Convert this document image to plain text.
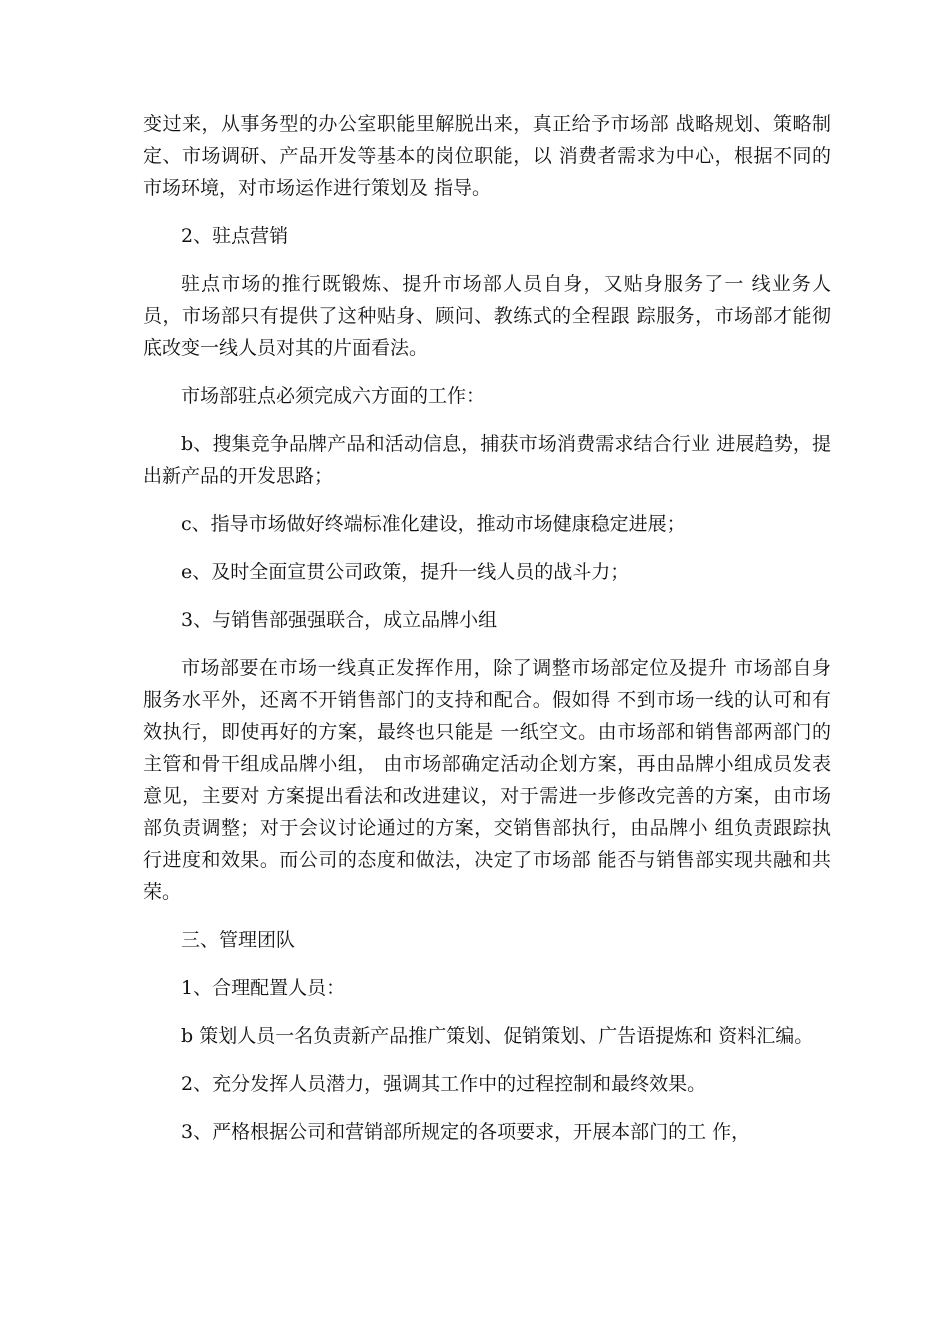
变过来，从事务型的办公室职能里解脱出来，真正给予市场部 战略规划、策略制定、市场调研、产品开发等基本的岗位职能，以 消费者需求为中心，根据不同的市场环境，对市场运作进行策划及 指导。

2、驻点营销

驻点市场的推行既锻炼、提升市场部人员自身，又贴身服务了一 线业务人员，市场部只有提供了这种贴身、顾问、教练式的全程跟 踪服务，市场部才能彻底改变一线人员对其的片面看法。

市场部驻点必须完成六方面的工作：

b、搜集竞争品牌产品和活动信息，捕获市场消费需求结合行业 进展趋势，提出新产品的开发思路；

c、指导市场做好终端标准化建设，推动市场健康稳定进展；

e、及时全面宣贯公司政策，提升一线人员的战斗力；

3、与销售部强强联合，成立品牌小组

市场部要在市场一线真正发挥作用，除了调整市场部定位及提升 市场部自身服务水平外，还离不开销售部门的支持和配合。假如得 不到市场一线的认可和有效执行，即使再好的方案，最终也只能是 一纸空文。由市场部和销售部两部门的主管和骨干组成品牌小组， 由市场部确定活动企划方案，再由品牌小组成员发表意见，主要对 方案提出看法和改进建议，对于需进一步修改完善的方案，由市场 部负责调整；对于会议讨论通过的方案，交销售部执行，由品牌小 组负责跟踪执行进度和效果。而公司的态度和做法，决定了市场部 能否与销售部实现共融和共荣。

三、管理团队

1、合理配置人员：

b 策划人员一名负责新产品推广策划、促销策划、广告语提炼和 资料汇编。

2、充分发挥人员潜力，强调其工作中的过程控制和最终效果。

3、严格根据公司和营销部所规定的各项要求，开展本部门的工 作，
